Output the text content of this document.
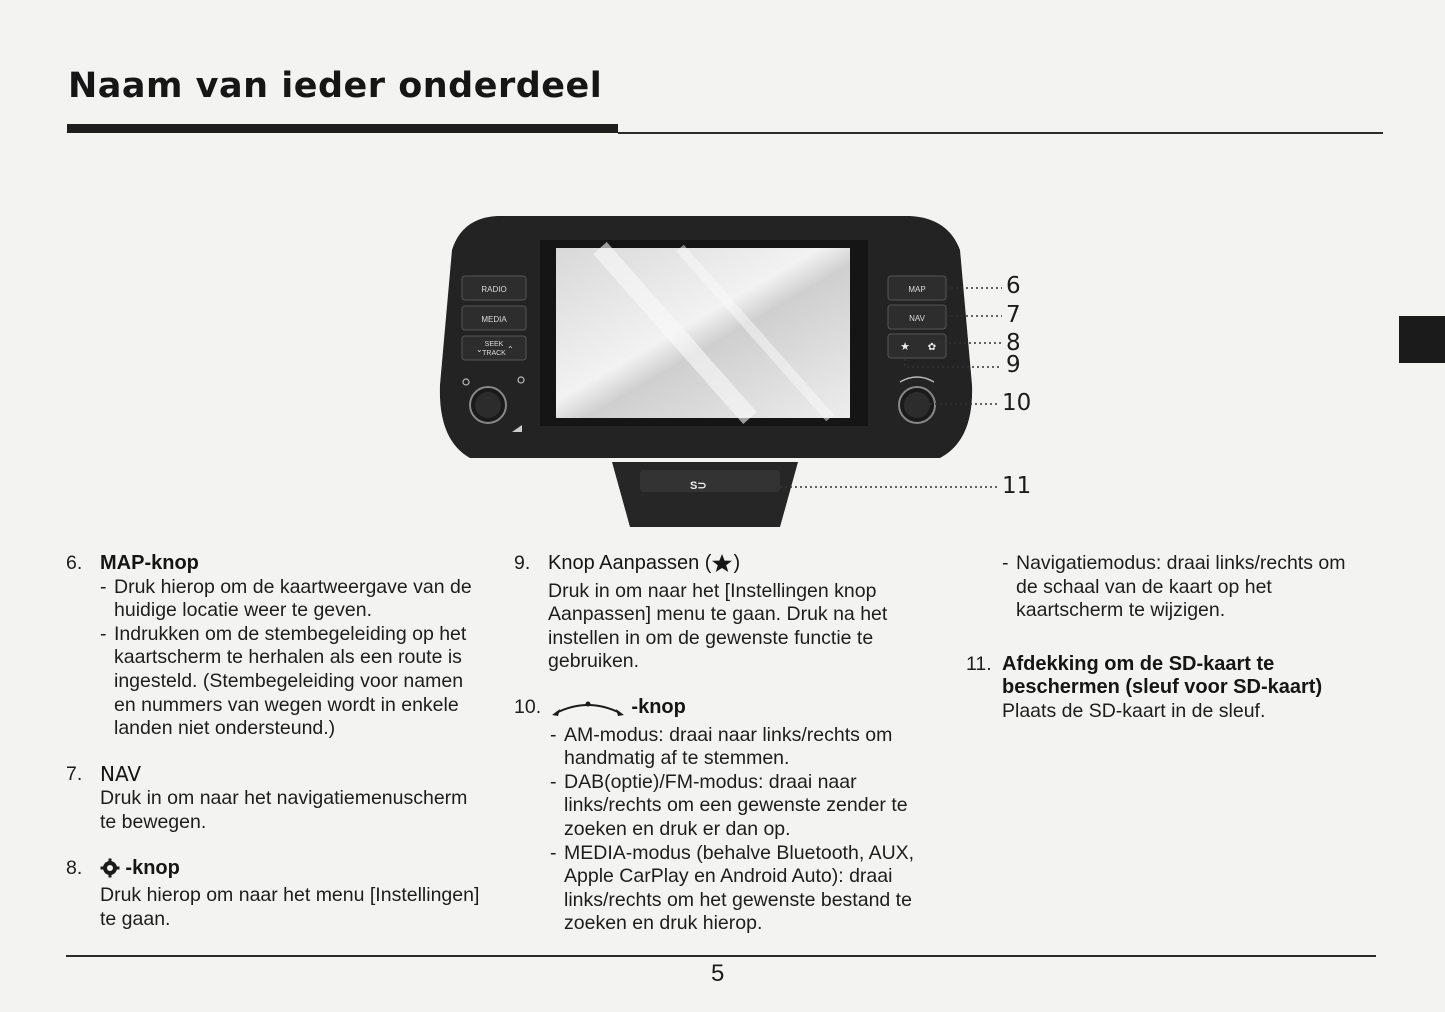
Naam van ieder onderdeel
S⊃
RADIO
MEDIA
SEEK
TRACK
⌄	⌃
MAP
NAV
★ ✿
6
7
8
9
10
11
6. MAP-knop

- Druk hierop om de kaartweergave van de huidige locatie weer te geven.

- Indrukken om de stembegeleiding op het kaartscherm te herhalen als een route is ingesteld. (Stembegeleiding voor namen en nummers van wegen wordt in enkele landen niet ondersteund.)

7. NAV

Druk in om naar het navigatiemenuscherm te bewegen.

8. -knop

Druk hierop om naar het menu [Instellingen] te gaan.

9. Knop Aanpassen ( )

Druk in om naar het [Instellingen knop Aanpassen] menu te gaan. Druk na het instellen in om de gewenste functie te gebruiken.

10.	-knop

- AM-modus: draai naar links/rechts om handmatig af te stemmen.

- DAB(optie)/FM-modus: draai naar links/rechts om een gewenste zender te zoeken en druk er dan op.

- MEDIA-modus (behalve Bluetooth, AUX, Apple CarPlay en Android Auto): draai links/rechts om het gewenste bestand te zoeken en druk hierop.

- Navigatiemodus: draai links/rechts om de schaal van de kaart op het kaartscherm te wijzigen.

11. Afdekking om de SD-kaart te beschermen (sleuf voor SD-kaart)

Plaats de SD-kaart in de sleuf.

5
